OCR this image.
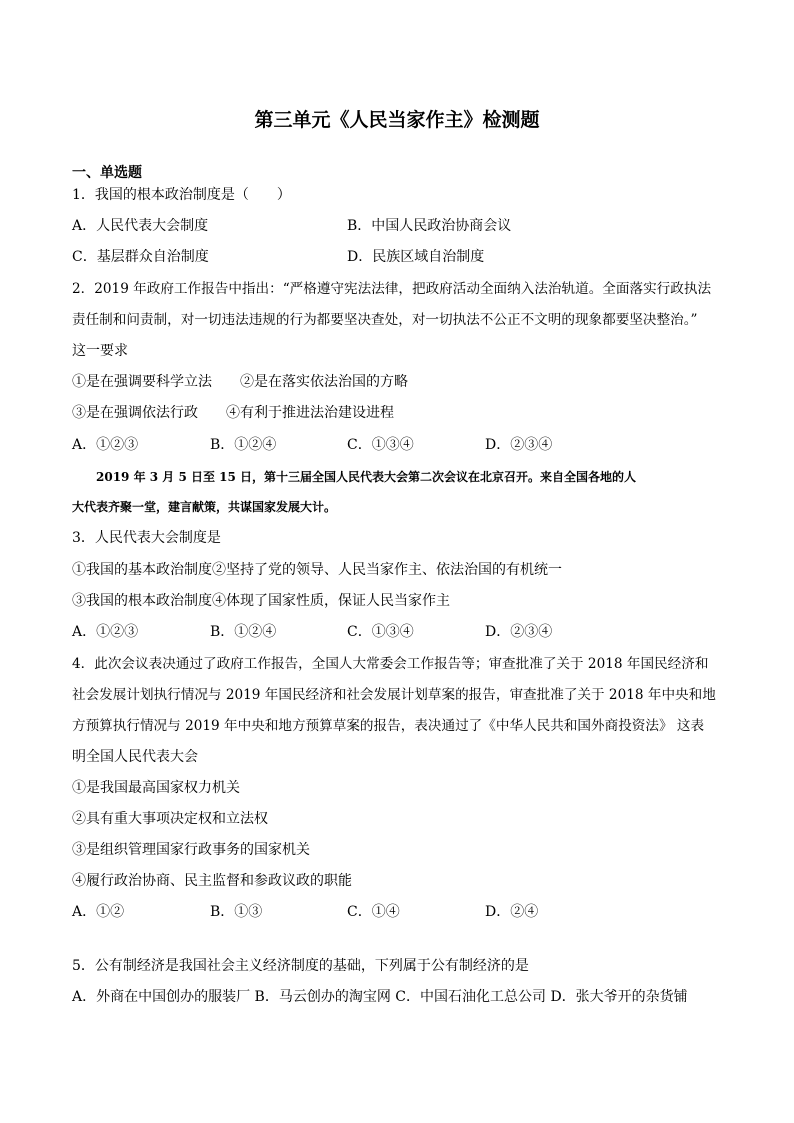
第三单元《人民当家作主》检测题
一、单选题
1．我国的根本政治制度是（　　）
A．人民代表大会制度	B．中国人民政治协商会议
C．基层群众自治制度	D．民族区域自治制度
2．2019 年政府工作报告中指出：“严格遵守宪法法律，把政府活动全面纳入法治轨道。全面落实行政执法
责任制和问责制，对一切违法违规的行为都要坚决查处，对一切执法不公正不文明的现象都要坚决整治。”
这一要求
①是在强调要科学立法　　②是在落实依法治国的方略
③是在强调依法行政　　④有利于推进法治建设进程
A．①②③	B．①②④	C．①③④	D．②③④
　　2019 年 3 月 5 日至 15 日，第十三届全国人民代表大会第二次会议在北京召开。来自全国各地的人
大代表齐聚一堂，建言献策，共谋国家发展大计。
3．人民代表大会制度是
①我国的基本政治制度②坚持了党的领导、人民当家作主、依法治国的有机统一
③我国的根本政治制度④体现了国家性质，保证人民当家作主
A．①②③	B．①②④	C．①③④	D．②③④
4．此次会议表决通过了政府工作报告，全国人大常委会工作报告等；审查批准了关于 2018 年国民经济和
社会发展计划执行情况与 2019 年国民经济和社会发展计划草案的报告，审查批准了关于 2018 年中央和地
方预算执行情况与 2019 年中央和地方预算草案的报告，表决通过了《中华人民共和国外商投资法》 这表
明全国人民代表大会
①是我国最高国家权力机关
②具有重大事项决定权和立法权
③是组织管理国家行政事务的国家机关
④履行政治协商、民主监督和参政议政的职能
A．①②	B．①③	C．①④	D．②④
5．公有制经济是我国社会主义经济制度的基础，下列属于公有制经济的是
A．外商在中国创办的服装厂 B．马云创办的淘宝网 C．中国石油化工总公司 D．张大爷开的杂货铺
